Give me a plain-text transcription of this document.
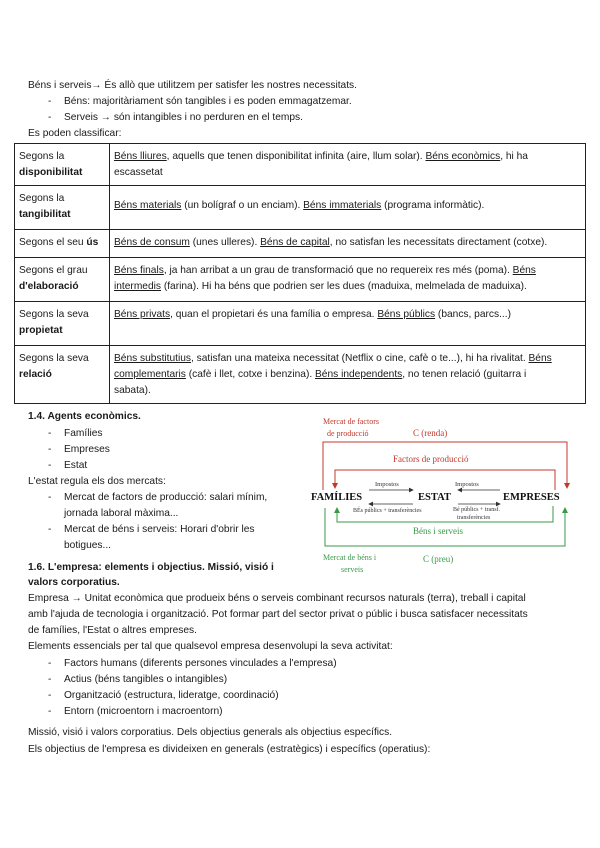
Béns i serveis→ És allò que utilitzem per satisfer les nostres necessitats.
- Béns: majoritàriament són tangibles i es poden emmagatzemar.
- Serveis → són intangibles i no perduren en el temps.
Es poden classificar:
Segons la
disponibilitat	Béns lliures, aquells que tenen disponibilitat infinita (aire, llum solar). Béns econòmics, hi ha
escassetat
Segons la
tangibilitat	Béns materials (un bolígraf o un enciam). Béns immaterials (programa informàtic).
Segons el seu ús	Béns de consum (unes ulleres). Béns de capital, no satisfan les necessitats directament (cotxe).
Segons el grau
d'elaboració	Béns finals, ja han arribat a un grau de transformació que no requereix res més (poma). Béns
intermedis (farina). Hi ha béns que podrien ser les dues (maduixa, melmelada de maduixa).
Segons la seva
propietat	Béns privats, quan el propietari és una família o empresa. Béns públics (bancs, parcs...)
Segons la seva
relació	Béns substitutius, satisfan una mateixa necessitat (Netflix o cine, cafè o te...), hi ha rivalitat. Béns
complementaris (cafè i llet, cotxe i benzina). Béns independents, no tenen relació (guitarra i
sabata).
1.4. Agents econòmics.
- Famílies
- Empreses
- Estat
L'estat regula els dos mercats:
- Mercat de factors de producció: salari mínim,
jornada laboral màxima...
- Mercat de béns i serveis: Horari d'obrir les
botigues...
Mercat de factors
de producció	C (renda)
Factors de producció
FAMÍLIES	ESTAT	EMPRESES
Impostos	Impostos
BÉs públics + transferències	Bé públics + transf.
transferències
Béns i serveis
Mercat de béns i
serveis
C (preu)
1.6. L'empresa: elements i objectius. Missió, visió i
valors corporatius.
Empresa → Unitat econòmica que produeix béns o serveis combinant recursos naturals (terra), treball i capital
amb l'ajuda de tecnologia i organització. Pot formar part del sector privat o públic i busca satisfacer necessitats
de famílies, l'Estat o altres empreses.
Elements essencials per tal que qualsevol empresa desenvolupi la seva activitat:
- Factors humans (diferents persones vinculades a l'empresa)
- Actius (béns tangibles o intangibles)
- Organització (estructura, lideratge, coordinació)
- Entorn (microentorn i macroentorn)
Missió, visió i valors corporatius. Dels objectius generals als objectius específics.
Els objectius de l'empresa es divideixen en generals (estratègics) i específics (operatius):
